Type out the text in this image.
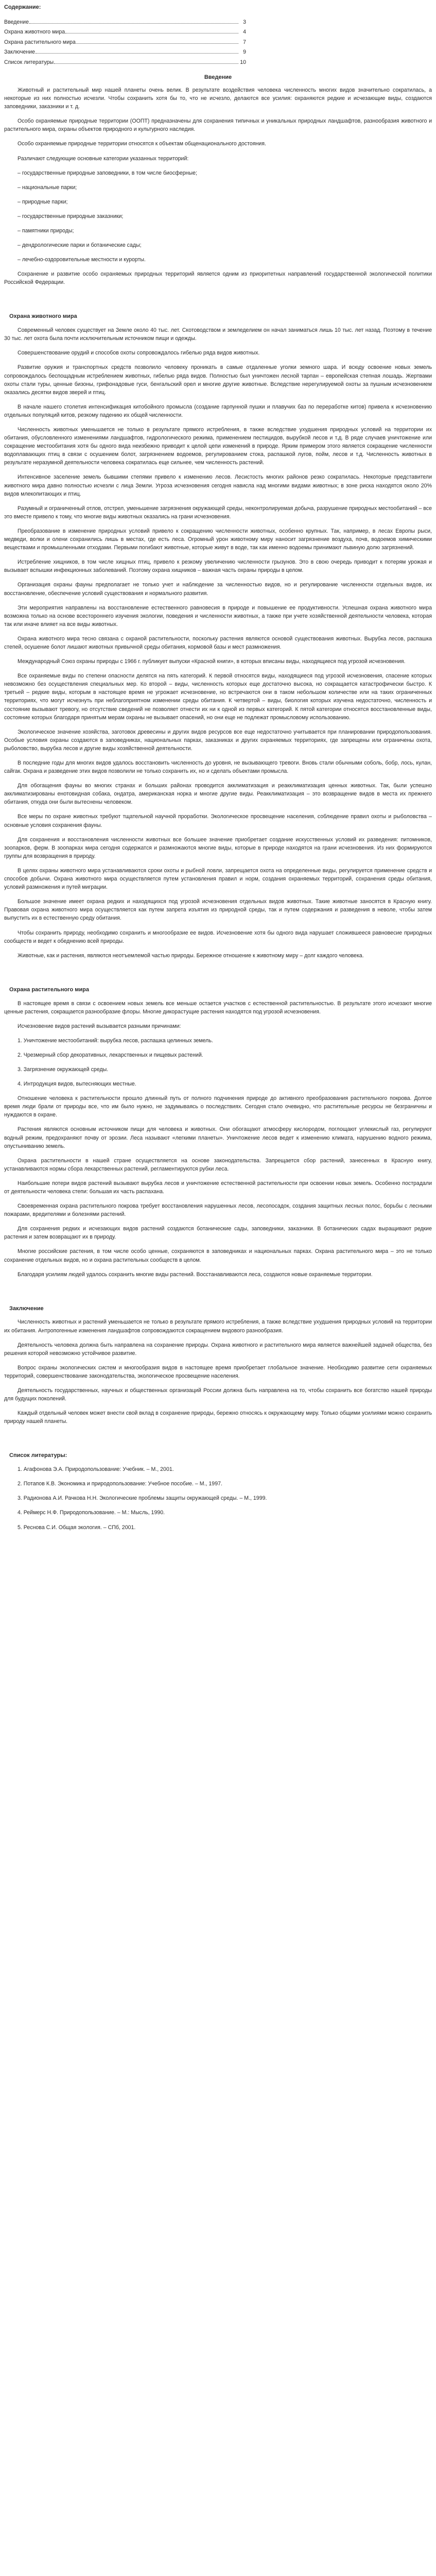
Содержание:
Введение	3
Охрана животного мира	4
Охрана растительного мира	7
Заключение	9
Список литературы	10
Введение

Животный и растительный мир нашей планеты очень велик. В результате воздействия человека численность многих видов значительно сократилась, а некоторые из них полностью исчезли. Чтобы сохранить хотя бы то, что не исчезло, делаются все усилия: охраняются редкие и исчезающие виды, создаются заповедники, заказники и т. д.

Особо охраняемые природные территории (ООПТ) предназначены для сохранения типичных и уникальных природных ландшафтов, разнообразия животного и растительного мира, охраны объектов природного и культурного наследия.

Особо охраняемые природные территории относятся к объектам общенационального достояния.

Различают следующие основные категории указанных территорий:

– государственные природные заповедники, в том числе биосферные;
– национальные парки;
– природные парки;
– государственные природные заказники;
– памятники природы;
– дендрологические парки и ботанические сады;
– лечебно-оздоровительные местности и курорты.

Сохранение и развитие особо охраняемых природных территорий является одним из приоритетных направлений государственной экологической политики Российской Федерации.

Охрана животного мира

Современный человек существует на Земле около 40 тыс. лет. Скотоводством и земледелием он начал заниматься лишь 10 тыс. лет назад. Поэтому в течение 30 тыс. лет охота была почти исключительным источником пищи и одежды.

Совершенствование орудий и способов охоты сопровождалось гибелью ряда видов животных.

Развитие оружия и транспортных средств позволило человеку проникать в самые отдаленные уголки земного шара. И всюду освоение новых земель сопровождалось беспощадным истреблением животных, гибелью ряда видов. Полностью был уничтожен лесной тарпан – европейская степная лошадь. Жертвами охоты стали туры, ценные бизоны, грифонадовые гуси, бенгальский орел и многие другие животные. Вследствие нерегулируемой охоты за пушным исчезновением оказались десятки видов зверей и птиц.

В начале нашего столетия интенсификация китобойного промысла (создание гарпунной пушки и плавучих баз по переработке китов) привела к исчезновению отдельных популяций китов, резкому падению их общей численности.

Численность животных уменьшается не только в результате прямого истребления, в также вследствие ухудшения природных условий на территории их обитания, обусловленного изменениями ландшафтов, гидрологического режима, применением пестицидов, вырубкой лесов и т.д. В ряде случаев уничтожение или сокращение местообитания хотя бы одного вида неизбежно приводит к целой цепи изменений в природе. Ярким примером этого является сокращение численности водоплавающих птиц в связи с осушением болот, загрязнением водоемов, регулированием стока, распашкой лугов, пойм, лесов и т.д. Численность животных в результате неразумной деятельности человека сократилась еще сильнее, чем численность растений.

Интенсивное заселение земель бывшими степями привело к изменению лесов. Лесистость многих районов резко сократилась. Некоторые представители животного мира давно полностью исчезли с лица Земли. Угроза исчезновения сегодня нависла над многими видами животных; в зоне риска находятся около 20% видов млекопитающих и птиц.

Разумный и ограниченный отлов, отстрел, уменьшение загрязнения окружающей среды, неконтролируемая добыча, разрушение природных местообитаний – все это вместе привело к тому, что многие виды животных оказались на грани исчезновения.

Преобразование в изменение природных условий привело к сокращению численности животных, особенно крупных. Так, например, в лесах Европы рыси, медведи, волки и олени сохранились лишь в местах, где есть леса. Огромный урон животному миру наносит загрязнение воздуха, почв, водоемов химическими веществами и промышленными отходами. Первыми погибают животные, которые живут в воде, так как именно водоемы принимают львиную долю загрязнений.

Истребление хищников, в том числе хищных птиц, привело к резкому увеличению численности грызунов. Это в свою очередь приводит к потерям урожая и вызывает вспышки инфекционных заболеваний. Поэтому охрана хищников – важная часть охраны природы в целом.

Организация охраны фауны предполагает не только учет и наблюдение за численностью видов, но и регулирование численности отдельных видов, их восстановление, обеспечение условий существования и нормального развития.

Эти мероприятия направлены на восстановление естественного равновесия в природе и повышение ее продуктивности. Успешная охрана животного мира возможна только на основе всестороннего изучения экологии, поведения и численности животных, а также при учете хозяйственной деятельности человека, которая так или иначе влияет на все виды животных.

Охрана животного мира тесно связана с охраной растительности, поскольку растения являются основой существования животных. Вырубка лесов, распашка степей, осушение болот лишают животных привычной среды обитания, кормовой базы и мест размножения.

Международный Союз охраны природы с 1966 г. публикует выпуски «Красной книги», в которых вписаны виды, находящиеся под угрозой исчезновения.

Все охраняемые виды по степени опасности делятся на пять категорий. К первой относятся виды, находящиеся под угрозой исчезновения, спасение которых невозможно без осуществления специальных мер. Ко второй – виды, численность которых еще достаточно высока, но сокращается катастрофически быстро. К третьей – редкие виды, которым в настоящее время не угрожает исчезновение, но встречаются они в таком небольшом количестве или на таких ограниченных территориях, что могут исчезнуть при неблагоприятном изменении среды обитания. К четвертой – виды, биология которых изучена недостаточно, численность и состояние вызывают тревогу, но отсутствие сведений не позволяет отнести их ни к одной из первых категорий. К пятой категории относятся восстановленные виды, состояние которых благодаря принятым мерам охраны не вызывает опасений, но они еще не подлежат промысловому использованию.

Экологическое значение хозяйства, заготовок древесины и других видов ресурсов все еще недостаточно учитывается при планировании природопользования. Особые условия охраны создаются в заповедниках, национальных парках, заказниках и других охраняемых территориях, где запрещены или ограничены охота, рыболовство, вырубка лесов и другие виды хозяйственной деятельности.

В последние годы для многих видов удалось восстановить численность до уровня, не вызывающего тревоги. Вновь стали обычными соболь, бобр, лось, кулан, сайгак. Охрана и разведение этих видов позволили не только сохранить их, но и сделать объектами промысла.

Для обогащения фауны во многих странах и больших районах проводится акклиматизация и реакклиматизация ценных животных. Так, были успешно акклиматизированы енотовидная собака, ондатра, американская норка и многие другие виды. Реакклиматизация – это возвращение видов в места их прежнего обитания, откуда они были вытеснены человеком.

Все меры по охране животных требуют тщательной научной проработки. Экологическое просвещение населения, соблюдение правил охоты и рыболовства – основные условия сохранения фауны.

Для сохранения и восстановления численности животных все большее значение приобретает создание искусственных условий их разведения: питомников, зоопарков, ферм. В зоопарках мира сегодня содержатся и размножаются многие виды, которые в природе находятся на грани исчезновения. Из них формируются группы для возвращения в природу.

В целях охраны животного мира устанавливаются сроки охоты и рыбной ловли, запрещается охота на определенные виды, регулируется применение средств и способов добычи. Охрана животного мира осуществляется путем установления правил и норм, создания охраняемых территорий, сохранения среды обитания, условий размножения и путей миграции.

Большое значение имеет охрана редких и находящихся под угрозой исчезновения отдельных видов животных. Такие животные заносятся в Красную книгу. Правовая охрана животного мира осуществляется как путем запрета изъятия из природной среды, так и путем содержания и разведения в неволе, чтобы затем выпустить их в естественную среду обитания.

Чтобы сохранить природу, необходимо сохранить и многообразие ее видов. Исчезновение хотя бы одного вида нарушает сложившееся равновесие природных сообществ и ведет к обеднению всей природы.

Животные, как и растения, являются неотъемлемой частью природы. Бережное отношение к животному миру – долг каждого человека.

Охрана растительного мира

В настоящее время в связи с освоением новых земель все меньше остается участков с естественной растительностью. В результате этого исчезают многие ценные растения, сокращается разнообразие флоры. Многие дикорастущие растения находятся под угрозой исчезновения.

Исчезновение видов растений вызывается разными причинами:

1. Уничтожение местообитаний: вырубка лесов, распашка целинных земель.
2. Чрезмерный сбор декоративных, лекарственных и пищевых растений.
3. Загрязнение окружающей среды.
4. Интродукция видов, вытесняющих местные.

Отношение человека к растительности прошло длинный путь от полного подчинения природе до активного преобразования растительного покрова. Долгое время люди брали от природы все, что им было нужно, не задумываясь о последствиях. Сегодня стало очевидно, что растительные ресурсы не безграничны и нуждаются в охране.

Растения являются основным источником пищи для человека и животных. Они обогащают атмосферу кислородом, поглощают углекислый газ, регулируют водный режим, предохраняют почву от эрозии. Леса называют «легкими планеты». Уничтожение лесов ведет к изменению климата, нарушению водного режима, опустыниванию земель.

Охрана растительности в нашей стране осуществляется на основе законодательства. Запрещается сбор растений, занесенных в Красную книгу, устанавливаются нормы сбора лекарственных растений, регламентируются рубки леса.

Наибольшие потери видов растений вызывают вырубка лесов и уничтожение естественной растительности при освоении новых земель. Особенно пострадали от деятельности человека степи: большая их часть распахана.

Своевременная охрана растительного покрова требует восстановления нарушенных лесов, лесопосадок, создания защитных лесных полос, борьбы с лесными пожарами, вредителями и болезнями растений.

Для сохранения редких и исчезающих видов растений создаются ботанические сады, заповедники, заказники. В ботанических садах выращивают редкие растения и затем возвращают их в природу.

Многие российские растения, в том числе особо ценные, сохраняются в заповедниках и национальных парках. Охрана растительного мира – это не только сохранение отдельных видов, но и охрана растительных сообществ в целом.

Благодаря усилиям людей удалось сохранить многие виды растений. Восстанавливаются леса, создаются новые охраняемые территории.

Заключение

Численность животных и растений уменьшается не только в результате прямого истребления, а также вследствие ухудшения природных условий на территории их обитания. Антропогенные изменения ландшафтов сопровождаются сокращением видового разнообразия.

Деятельность человека должна быть направлена на сохранение природы. Охрана животного и растительного мира является важнейшей задачей общества, без решения которой невозможно устойчивое развитие.

Вопрос охраны экологических систем и многообразия видов в настоящее время приобретает глобальное значение. Необходимо развитие сети охраняемых территорий, совершенствование законодательства, экологическое просвещение населения.

Деятельность государственных, научных и общественных организаций России должна быть направлена на то, чтобы сохранить все богатство нашей природы для будущих поколений.

Каждый отдельный человек может внести свой вклад в сохранение природы, бережно относясь к окружающему миру. Только общими усилиями можно сохранить природу нашей планеты.

Список литературы:
1. Агафонова Э.А. Природопользование: Учебник. – М., 2001.
2. Потапов К.В. Экономика и природопользование: Учебное пособие. – М., 1997.
3. Радионова А.И. Рачкова Н.Н. Экологические проблемы защиты окружающей среды. – М., 1999.
4. Реймерс Н.Ф. Природопользование. – М.: Мысль, 1990.
5. Реснова С.И. Общая экология. – СПб, 2001.
